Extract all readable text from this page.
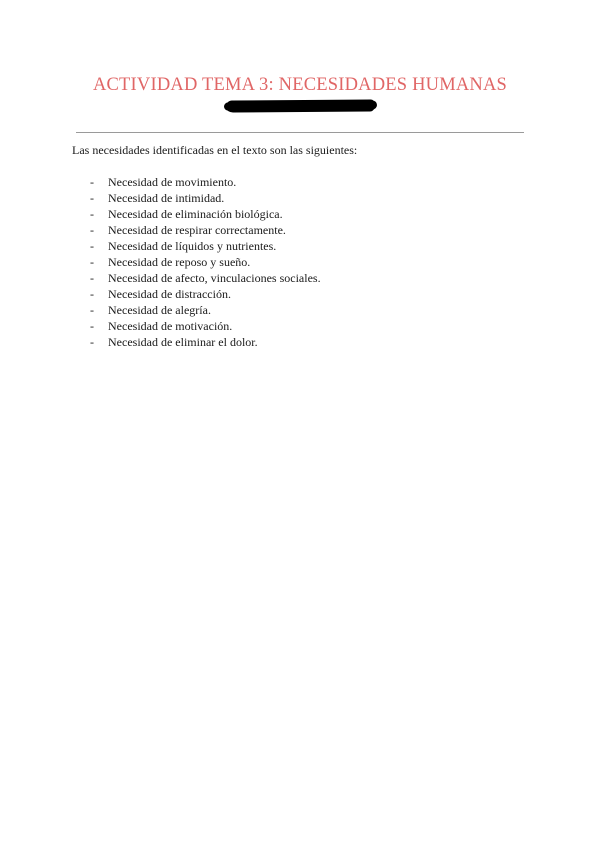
ACTIVIDAD TEMA 3: NECESIDADES HUMANAS

Las necesidades identificadas en el texto son las siguientes:

- Necesidad de movimiento.
- Necesidad de intimidad.
- Necesidad de eliminación biológica.
- Necesidad de respirar correctamente.
- Necesidad de líquidos y nutrientes.
- Necesidad de reposo y sueño.
- Necesidad de afecto, vinculaciones sociales.
- Necesidad de distracción.
- Necesidad de alegría.
- Necesidad de motivación.
- Necesidad de eliminar el dolor.
